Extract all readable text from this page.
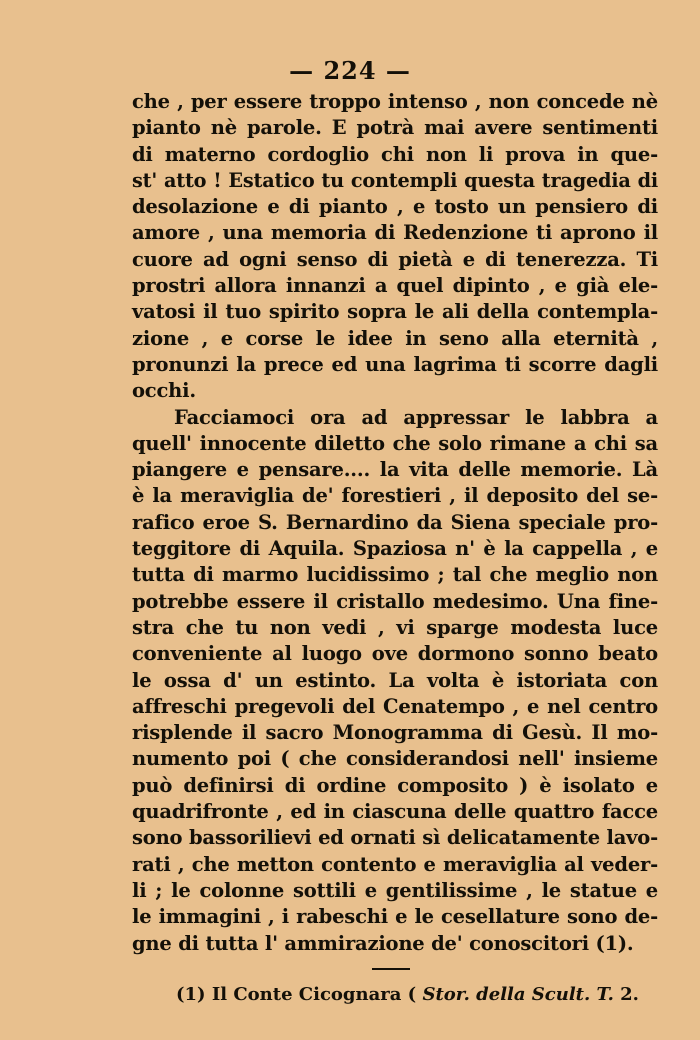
— 224 —
che , per essere troppo intenso , non concede nè
pianto nè parole. E potrà mai avere sentimenti
di materno cordoglio chi non li prova in que-
st' atto ! Estatico tu contempli questa tragedia di
desolazione e di pianto , e tosto un pensiero di
amore , una memoria di Redenzione ti aprono il
cuore ad ogni senso di pietà e di tenerezza. Ti
prostri allora innanzi a quel dipinto , e già ele-
vatosi il tuo spirito sopra le ali della contempla-
zione , e corse le idee in seno alla eternità ,
pronunzi la prece ed una lagrima ti scorre dagli
occhi.
Facciamoci ora ad appressar le labbra a
quell' innocente diletto che solo rimane a chi sa
piangere e pensare.... la vita delle memorie. Là
è la meraviglia de' forestieri , il deposito del se-
rafico eroe S. Bernardino da Siena speciale pro-
teggitore di Aquila. Spaziosa n' è la cappella , e
tutta di marmo lucidissimo ; tal che meglio non
potrebbe essere il cristallo medesimo. Una fine-
stra che tu non vedi , vi sparge modesta luce
conveniente al luogo ove dormono sonno beato
le ossa d' un estinto. La volta è istoriata con
affreschi pregevoli del Cenatempo , e nel centro
risplende il sacro Monogramma di Gesù. Il mo-
numento poi ( che considerandosi nell' insieme
può definirsi di ordine composito ) è isolato e
quadrifronte , ed in ciascuna delle quattro facce
sono bassorilievi ed ornati sì delicatamente lavo-
rati , che metton contento e meraviglia al veder-
li ; le colonne sottili e gentilissime , le statue e
le immagini , i rabeschi e le cesellature sono de-
gne di tutta l' ammirazione de' conoscitori (1).
(1) Il Conte Cicognara ( Stor. della Scult. T. 2.
